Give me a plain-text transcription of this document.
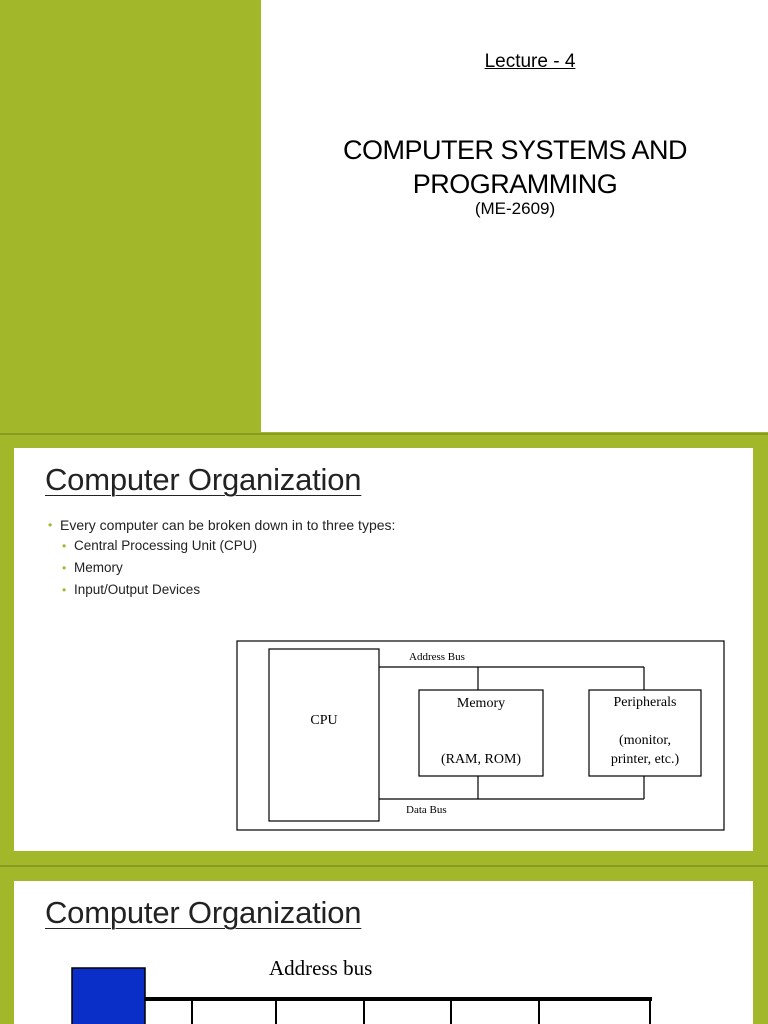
Lecture - 4
COMPUTER SYSTEMS AND
PROGRAMMING
(ME-2609)
Computer Organization
• Every computer can be broken down in to three types:
• Central Processing Unit (CPU)
• Memory
• Input/Output Devices
CPU
Address Bus
Memory
(RAM, ROM)
Peripherals
(monitor,
printer, etc.)
Data Bus
Computer Organization
Address bus
